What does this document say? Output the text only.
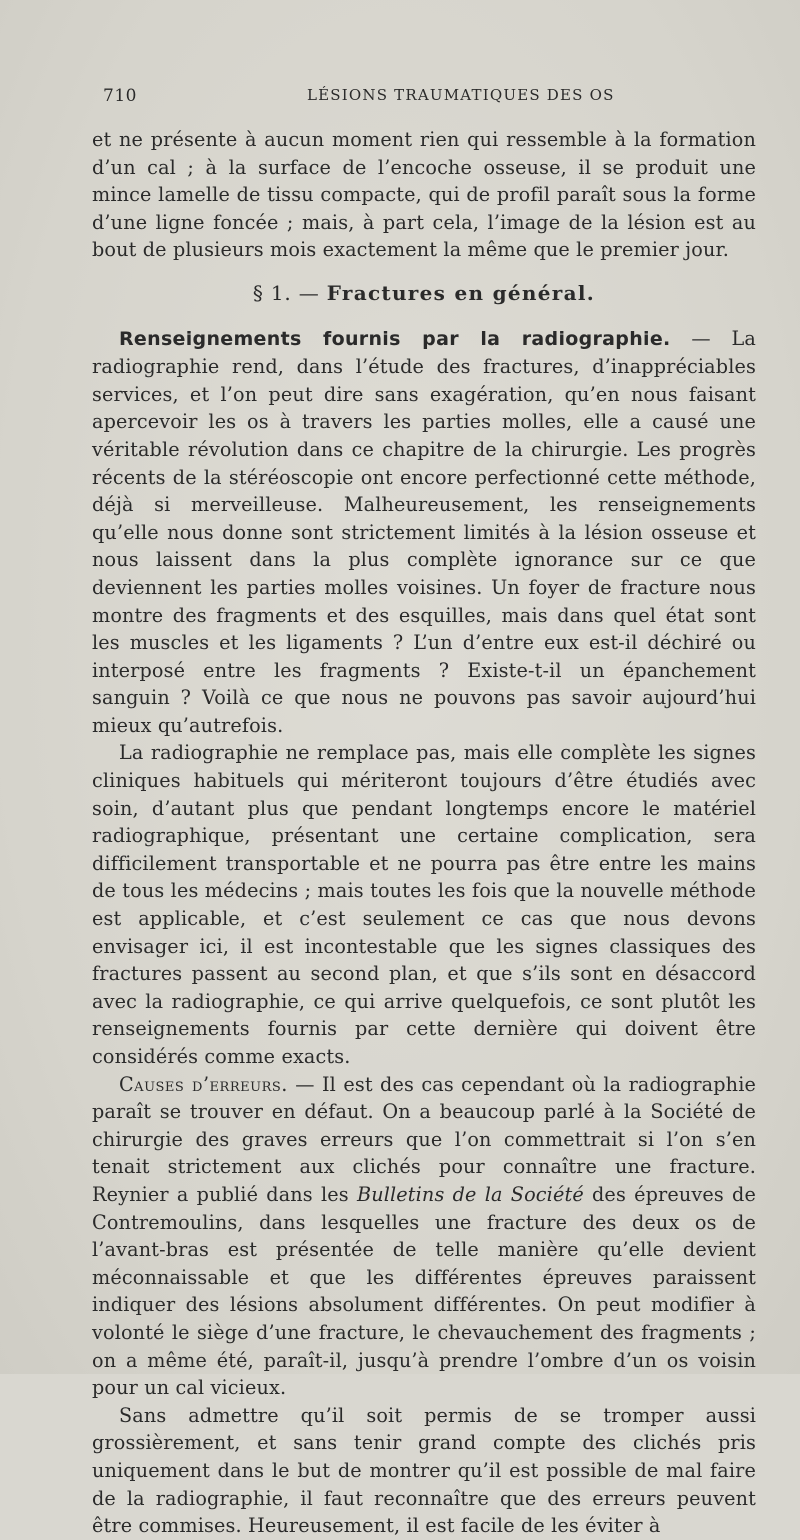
710	LÉSIONS TRAUMATIQUES DES OS

et ne présente à aucun moment rien qui ressemble à la formation d’un cal ; à la surface de l’encoche osseuse, il se produit une mince lamelle de tissu compacte, qui de profil paraît sous la forme d’une ligne foncée ; mais, à part cela, l’image de la lésion est au bout de plusieurs mois exactement la même que le premier jour.

§ 1. — Fractures en général.

Renseignements fournis par la radiographie. — La radiographie rend, dans l’étude des fractures, d’inappréciables services, et l’on peut dire sans exagération, qu’en nous faisant apercevoir les os à travers les parties molles, elle a causé une véritable révolution dans ce chapitre de la chirurgie. Les progrès récents de la stéréoscopie ont encore perfectionné cette méthode, déjà si merveilleuse. Malheureusement, les renseignements qu’elle nous donne sont strictement limités à la lésion osseuse et nous laissent dans la plus complète ignorance sur ce que deviennent les parties molles voisines. Un foyer de fracture nous montre des fragments et des esquilles, mais dans quel état sont les muscles et les ligaments ? L’un d’entre eux est-il déchiré ou interposé entre les fragments ? Existe-t-il un épanchement sanguin ? Voilà ce que nous ne pouvons pas savoir aujourd’hui mieux qu’autrefois.

La radiographie ne remplace pas, mais elle complète les signes cliniques habituels qui mériteront toujours d’être étudiés avec soin, d’autant plus que pendant longtemps encore le matériel radiographique, présentant une certaine complication, sera difficilement transportable et ne pourra pas être entre les mains de tous les médecins ; mais toutes les fois que la nouvelle méthode est applicable, et c’est seulement ce cas que nous devons envisager ici, il est incontestable que les signes classiques des fractures passent au second plan, et que s’ils sont en désaccord avec la radiographie, ce qui arrive quelquefois, ce sont plutôt les renseignements fournis par cette dernière qui doivent être considérés comme exacts.

Causes d’erreurs. — Il est des cas cependant où la radiographie paraît se trouver en défaut. On a beaucoup parlé à la Société de chirurgie des graves erreurs que l’on commettrait si l’on s’en tenait strictement aux clichés pour connaître une fracture. Reynier a publié dans les Bulletins de la Société des épreuves de Contremoulins, dans lesquelles une fracture des deux os de l’avant-bras est présentée de telle manière qu’elle devient méconnaissable et que les différentes épreuves paraissent indiquer des lésions absolument différentes. On peut modifier à volonté le siège d’une fracture, le chevauchement des fragments ; on a même été, paraît-il, jusqu’à prendre l’ombre d’un os voisin pour un cal vicieux.

Sans admettre qu’il soit permis de se tromper aussi grossièrement, et sans tenir grand compte des clichés pris uniquement dans le but de montrer qu’il est possible de mal faire de la radiographie, il faut reconnaître que des erreurs peuvent être commises. Heureusement, il est facile de les éviter à
